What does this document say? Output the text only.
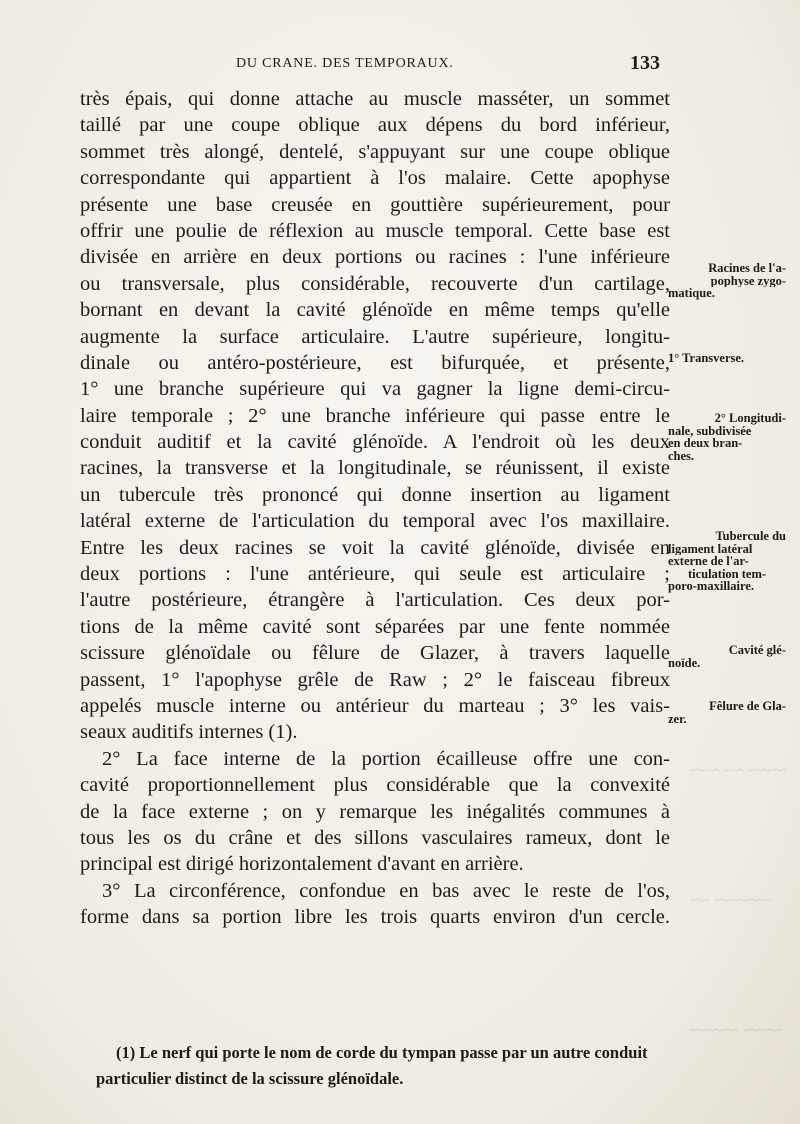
~~~~ ~~ ~~~
~~~~~~ ~~
~~~~ ~~~~~
DU CRANE. DES TEMPORAUX.	133
très épais, qui donne attache au muscle masséter, un sommet
taillé par une coupe oblique aux dépens du bord inférieur,
sommet très alongé, dentelé, s'appuyant sur une coupe oblique
correspondante qui appartient à l'os malaire. Cette apophyse
présente une base creusée en gouttière supérieurement, pour
offrir une poulie de réflexion au muscle temporal. Cette base est
divisée en arrière en deux portions ou racines : l'une inférieure
ou transversale, plus considérable, recouverte d'un cartilage,
bornant en devant la cavité glénoïde en même temps qu'elle
augmente la surface articulaire. L'autre supérieure, longitu-
dinale ou antéro-postérieure, est bifurquée, et présente,
1° une branche supérieure qui va gagner la ligne demi-circu-
laire temporale ; 2° une branche inférieure qui passe entre le
conduit auditif et la cavité glénoïde. A l'endroit où les deux
racines, la transverse et la longitudinale, se réunissent, il existe
un tubercule très prononcé qui donne insertion au ligament
latéral externe de l'articulation du temporal avec l'os maxillaire.
Entre les deux racines se voit la cavité glénoïde, divisée en
deux portions : l'une antérieure, qui seule est articulaire ;
l'autre postérieure, étrangère à l'articulation. Ces deux por-
tions de la même cavité sont séparées par une fente nommée
scissure glénoïdale ou fêlure de Glazer, à travers laquelle
passent, 1° l'apophyse grêle de Raw ; 2° le faisceau fibreux
appelés muscle interne ou antérieur du marteau ; 3° les vais-
seaux auditifs internes (1).
2° La face interne de la portion écailleuse offre une con-
cavité proportionnellement plus considérable que la convexité
de la face externe ; on y remarque les inégalités communes à
tous les os du crâne et des sillons vasculaires rameux, dont le
principal est dirigé horizontalement d'avant en arrière.
3° La circonférence, confondue en bas avec le reste de l'os,
forme dans sa portion libre les trois quarts environ d'un cercle.
Racines de l'a-
pophyse zygo-
matique.
1° Transverse.
2° Longitudi-
nale, subdivisée
en deux bran-
ches.
Tubercule du
ligament latéral
externe de l'ar-
ticulation tem-
poro-maxillaire.
Cavité glé-
noïde.
Fêlure de Gla-
zer.
(1) Le nerf qui porte le nom de corde du tympan passe par un autre conduit
particulier distinct de la scissure glénoïdale.
